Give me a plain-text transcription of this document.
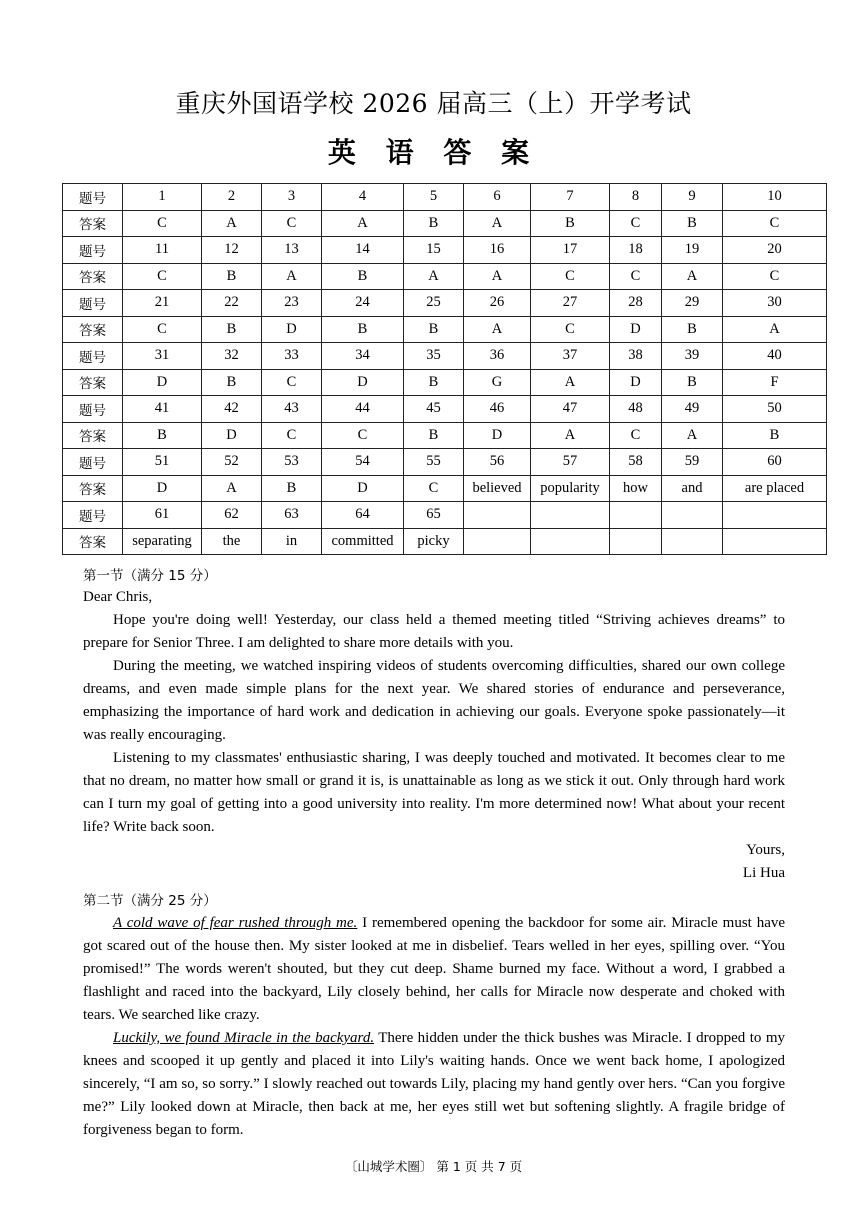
重庆外国语学校 2026 届高三（上）开学考试
英 语 答 案
题号	1	2	3	4	5	6	7	8	9	10
答案	C	A	C	A	B	A	B	C	B	C
题号	11	12	13	14	15	16	17	18	19	20
答案	C	B	A	B	A	A	C	C	A	C
题号	21	22	23	24	25	26	27	28	29	30
答案	C	B	D	B	B	A	C	D	B	A
题号	31	32	33	34	35	36	37	38	39	40
答案	D	B	C	D	B	G	A	D	B	F
题号	41	42	43	44	45	46	47	48	49	50
答案	B	D	C	C	B	D	A	C	A	B
题号	51	52	53	54	55	56	57	58	59	60
答案	D	A	B	D	C	believed	popularity	how	and	are placed
题号	61	62	63	64	65					
答案	separating	the	in	committed	picky					
第一节（满分 15 分）

Dear Chris,

Hope you're doing well! Yesterday, our class held a themed meeting titled “Striving achieves dreams” to prepare for Senior Three. I am delighted to share more details with you.

During the meeting, we watched inspiring videos of students overcoming difficulties, shared our own college dreams, and even made simple plans for the next year. We shared stories of endurance and perseverance, emphasizing the importance of hard work and dedication in achieving our goals. Everyone spoke passionately—it was really encouraging.

Listening to my classmates' enthusiastic sharing, I was deeply touched and motivated. It becomes clear to me that no dream, no matter how small or grand it is, is unattainable as long as we stick it out. Only through hard work can I turn my goal of getting into a good university into reality. I'm more determined now! What about your recent life? Write back soon.

Yours,

Li Hua

第二节（满分 25 分）

A cold wave of fear rushed through me. I remembered opening the backdoor for some air. Miracle must have got scared out of the house then. My sister looked at me in disbelief. Tears welled in her eyes, spilling over. “You promised!” The words weren't shouted, but they cut deep. Shame burned my face. Without a word, I grabbed a flashlight and raced into the backyard, Lily closely behind, her calls for Miracle now desperate and choked with tears. We searched like crazy.

Luckily, we found Miracle in the backyard. There hidden under the thick bushes was Miracle. I dropped to my knees and scooped it up gently and placed it into Lily's waiting hands. Once we went back home, I apologized sincerely, “I am so, so sorry.” I slowly reached out towards Lily, placing my hand gently over hers. “Can you forgive me?” Lily looked down at Miracle, then back at me, her eyes still wet but softening slightly. A fragile bridge of forgiveness began to form.

〔山城学术圈〕 第 1 页 共 7 页
